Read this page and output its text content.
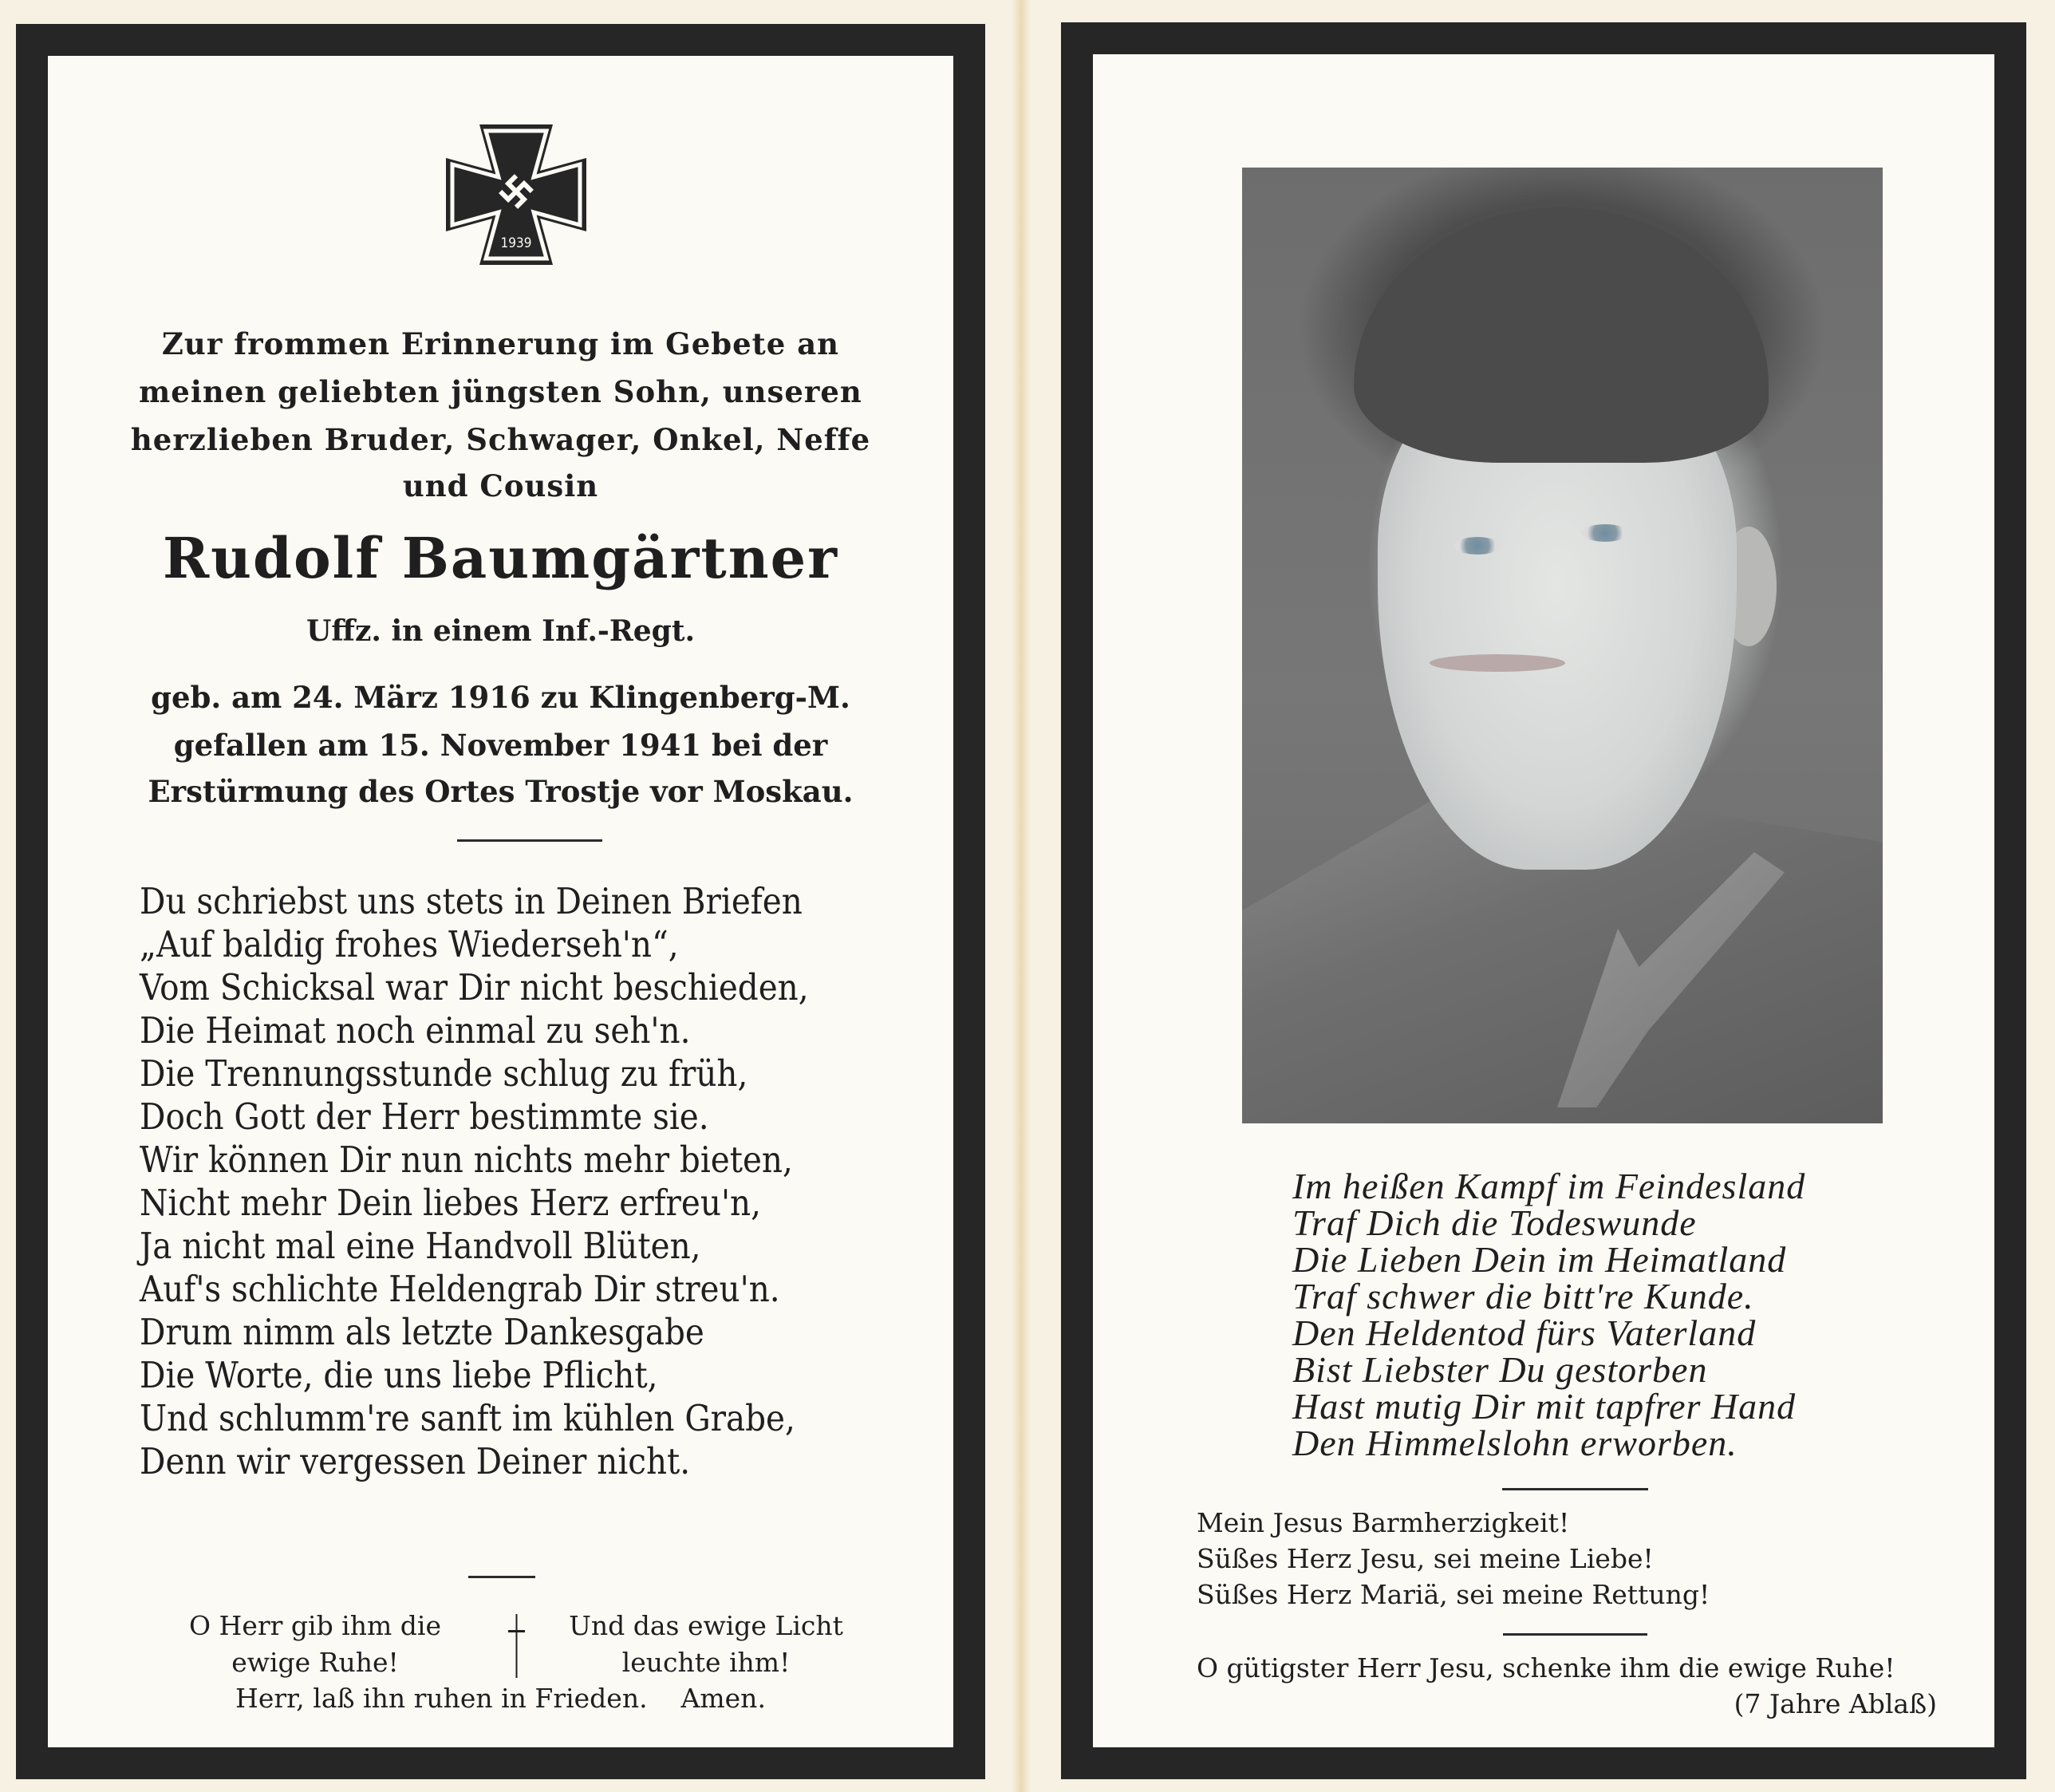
1939
Zur frommen Erinnerung im Gebete an
meinen geliebten jüngsten Sohn, unseren
herzlieben Bruder, Schwager, Onkel, Neffe
und Cousin
Rudolf Baumgärtner
Uffz. in einem Inf.-Regt.
geb. am 24. März 1916 zu Klingenberg-M.
gefallen am 15. November 1941 bei der
Erstürmung des Ortes Trostje vor Moskau.
Du schriebst uns stets in Deinen Briefen
„Auf baldig frohes Wiederseh'n“,
Vom Schicksal war Dir nicht beschieden,
Die Heimat noch einmal zu seh'n.
Die Trennungsstunde schlug zu früh,
Doch Gott der Herr bestimmte sie.
Wir können Dir nun nichts mehr bieten,
Nicht mehr Dein liebes Herz erfreu'n,
Ja nicht mal eine Handvoll Blüten,
Auf's schlichte Heldengrab Dir streu'n.
Drum nimm als letzte Dankesgabe
Die Worte, die uns liebe Pflicht,
Und schlumm're sanft im kühlen Grabe,
Denn wir vergessen Deiner nicht.
O Herr gib ihm die
ewige Ruhe!
Und das ewige Licht
leuchte ihm!
Herr, laß ihn ruhen in Frieden.    Amen.
Im heißen Kampf im Feindesland
Traf Dich die Todeswunde
Die Lieben Dein im Heimatland
Traf schwer die bitt're Kunde.
Den Heldentod fürs Vaterland
Bist Liebster Du gestorben
Hast mutig Dir mit tapfrer Hand
Den Himmelslohn erworben.
Mein Jesus Barmherzigkeit!
Süßes Herz Jesu, sei meine Liebe!
Süßes Herz Mariä, sei meine Rettung!
O gütigster Herr Jesu, schenke ihm die ewige Ruhe!
(7 Jahre Ablaß)
